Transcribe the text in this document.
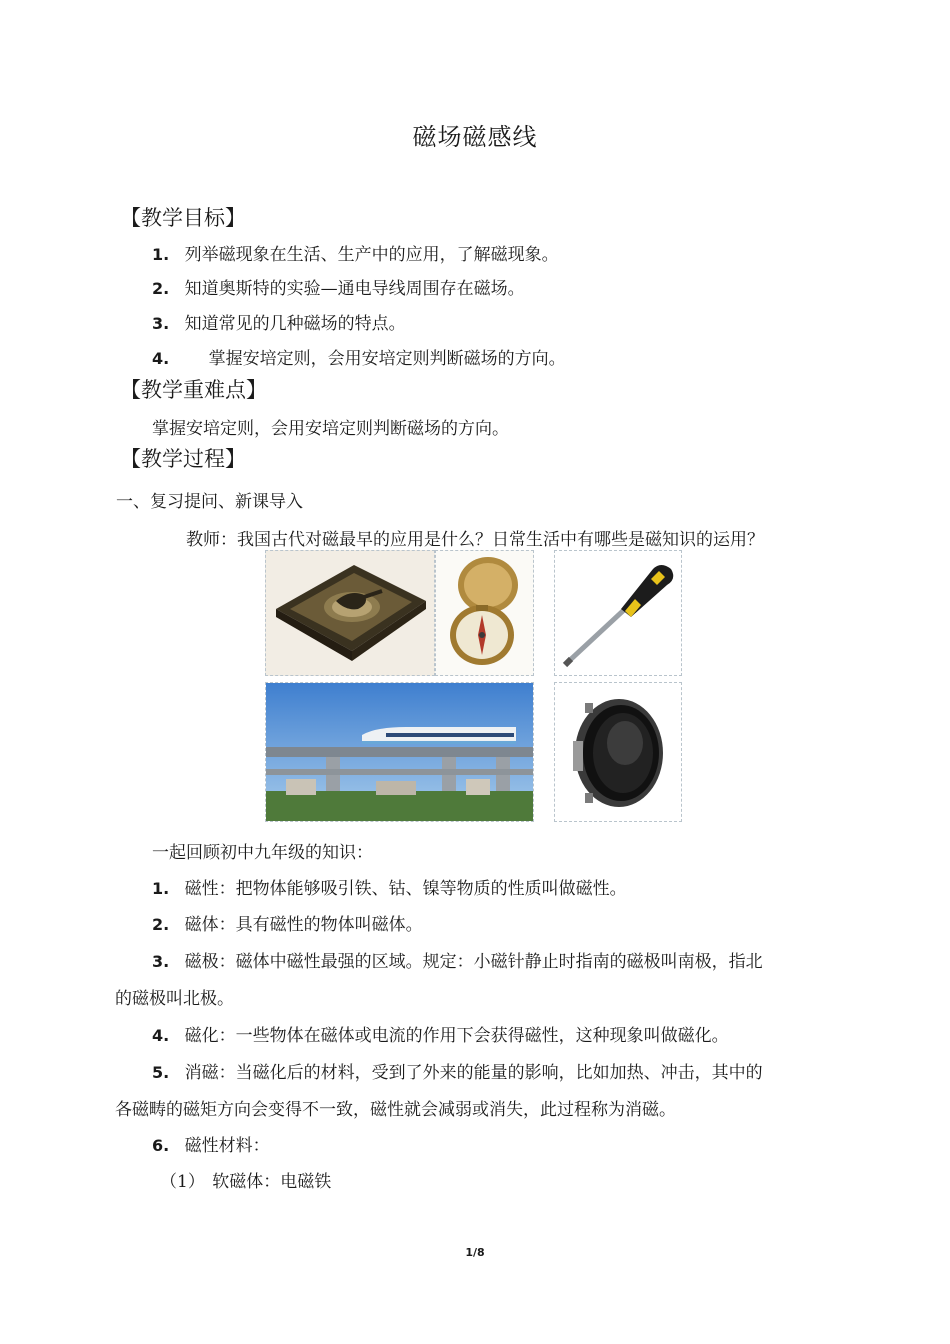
磁场磁感线
【教学目标】
1. 列举磁现象在生活、生产中的应用，了解磁现象。
2. 知道奥斯特的实验—通电导线周围存在磁场。
3. 知道常见的几种磁场的特点。
4. 掌握安培定则，会用安培定则判断磁场的方向。
【教学重难点】
掌握安培定则，会用安培定则判断磁场的方向。
【教学过程】
一、复习提问、新课导入
教师：我国古代对磁最早的应用是什么？日常生活中有哪些是磁知识的运用？
一起回顾初中九年级的知识：
1. 磁性：把物体能够吸引铁、钴、镍等物质的性质叫做磁性。
2. 磁体：具有磁性的物体叫磁体。
3. 磁极：磁体中磁性最强的区域。规定：小磁针静止时指南的磁极叫南极，指北
的磁极叫北极。
4. 磁化：一些物体在磁体或电流的作用下会获得磁性，这种现象叫做磁化。
5. 消磁：当磁化后的材料，受到了外来的能量的影响，比如加热、冲击，其中的
各磁畴的磁矩方向会变得不一致，磁性就会减弱或消失，此过程称为消磁。
6. 磁性材料：
（1） 软磁体：电磁铁
1/8
